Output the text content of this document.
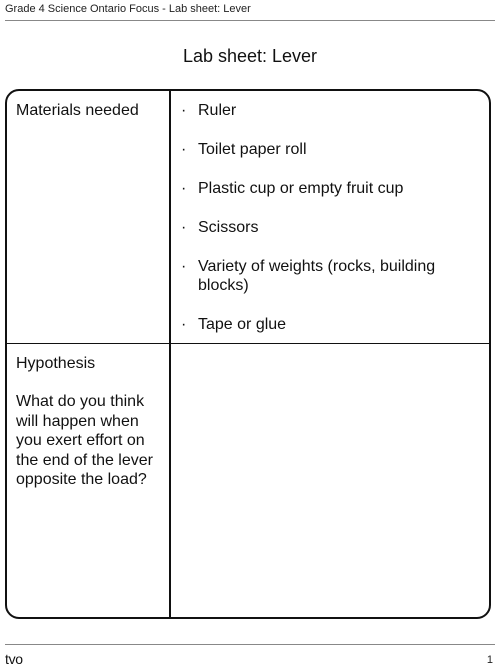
Grade 4 Science Ontario Focus - Lab sheet: Lever
Lab sheet: Lever
Materials needed	· Ruler
· Toilet paper roll
· Plastic cup or empty fruit cup
· Scissors
· Variety of weights (rocks, building blocks)
· Tape or glue
Hypothesis
What do you think will happen when you exert effort on the end of the lever opposite the load?
tvo	1
